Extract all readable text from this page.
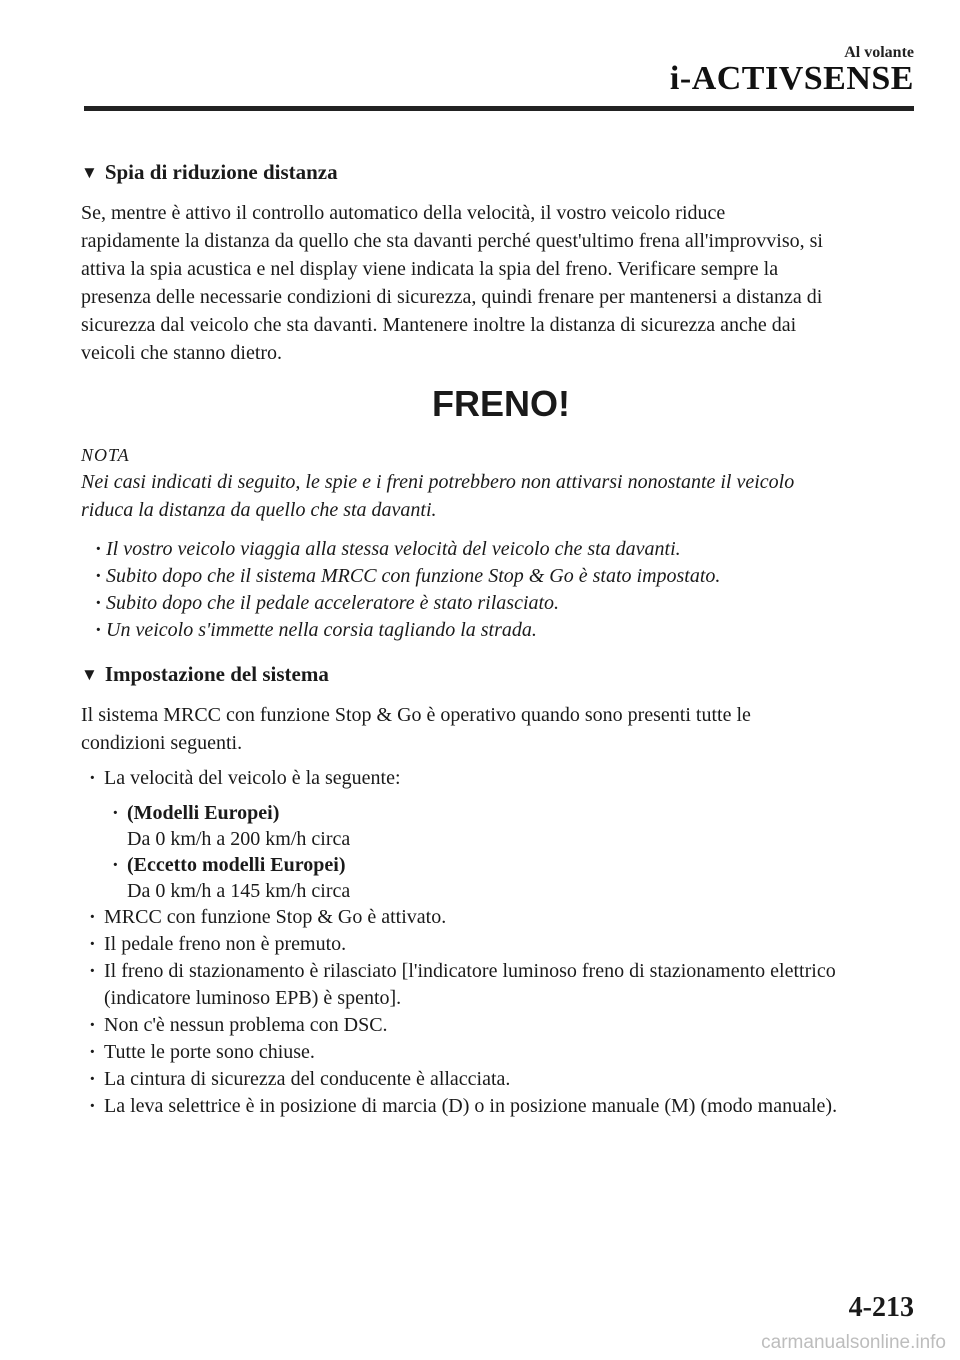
Al volante
i-ACTIVSENSE
▼ Spia di riduzione distanza

Se, mentre è attivo il controllo automatico della velocità, il vostro veicolo riduce
rapidamente la distanza da quello che sta davanti perché quest'ultimo frena all'improvviso, si
attiva la spia acustica e nel display viene indicata la spia del freno. Verificare sempre la
presenza delle necessarie condizioni di sicurezza, quindi frenare per mantenersi a distanza di
sicurezza dal veicolo che sta davanti. Mantenere inoltre la distanza di sicurezza anche dai
veicoli che stanno dietro.

FRENO!
NOTA

Nei casi indicati di seguito, le spie e i freni potrebbero non attivarsi nonostante il veicolo
riduca la distanza da quello che sta davanti.

· Il vostro veicolo viaggia alla stessa velocità del veicolo che sta davanti.
· Subito dopo che il sistema MRCC con funzione Stop & Go è stato impostato.
· Subito dopo che il pedale acceleratore è stato rilasciato.
· Un veicolo s'immette nella corsia tagliando la strada.
▼ Impostazione del sistema

Il sistema MRCC con funzione Stop & Go è operativo quando sono presenti tutte le
condizioni seguenti.

· La velocità del veicolo è la seguente:
· (Modelli Europei)
Da 0 km/h a 200 km/h circa
· (Eccetto modelli Europei)
Da 0 km/h a 145 km/h circa
· MRCC con funzione Stop & Go è attivato.
· Il pedale freno non è premuto.
· Il freno di stazionamento è rilasciato [l'indicatore luminoso freno di stazionamento elettrico (indicatore luminoso EPB) è spento].
· Non c'è nessun problema con DSC.
· Tutte le porte sono chiuse.
· La cintura di sicurezza del conducente è allacciata.
· La leva selettrice è in posizione di marcia (D) o in posizione manuale (M) (modo manuale).
4-213
carmanualsonline.info
